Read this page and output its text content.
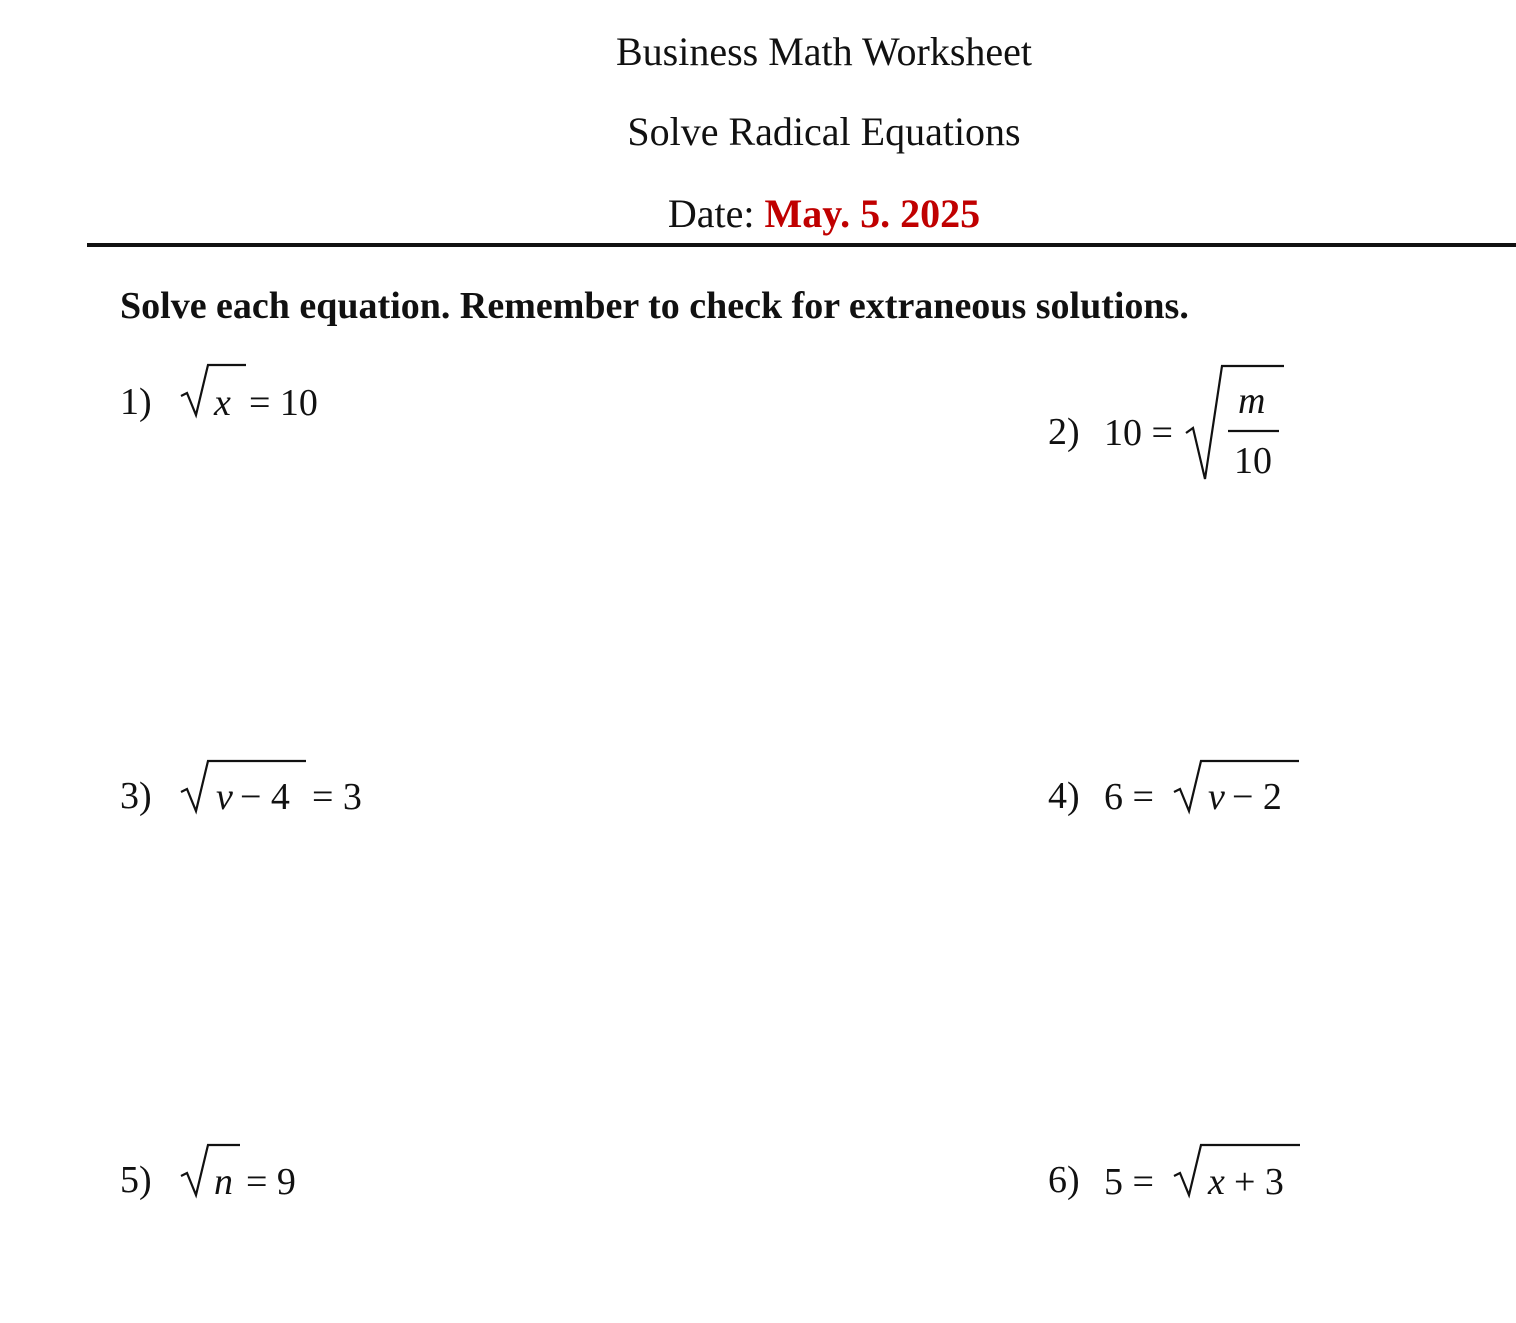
Business Math Worksheet
Solve Radical Equations
Date: May. 5. 2025
Solve each equation. Remember to check for extraneous solutions.
1) x = 10
2) 10 =
m
10
3) v − 4 = 3	4) 6 = v − 2
5) n = 9	6) 5 = x + 3
